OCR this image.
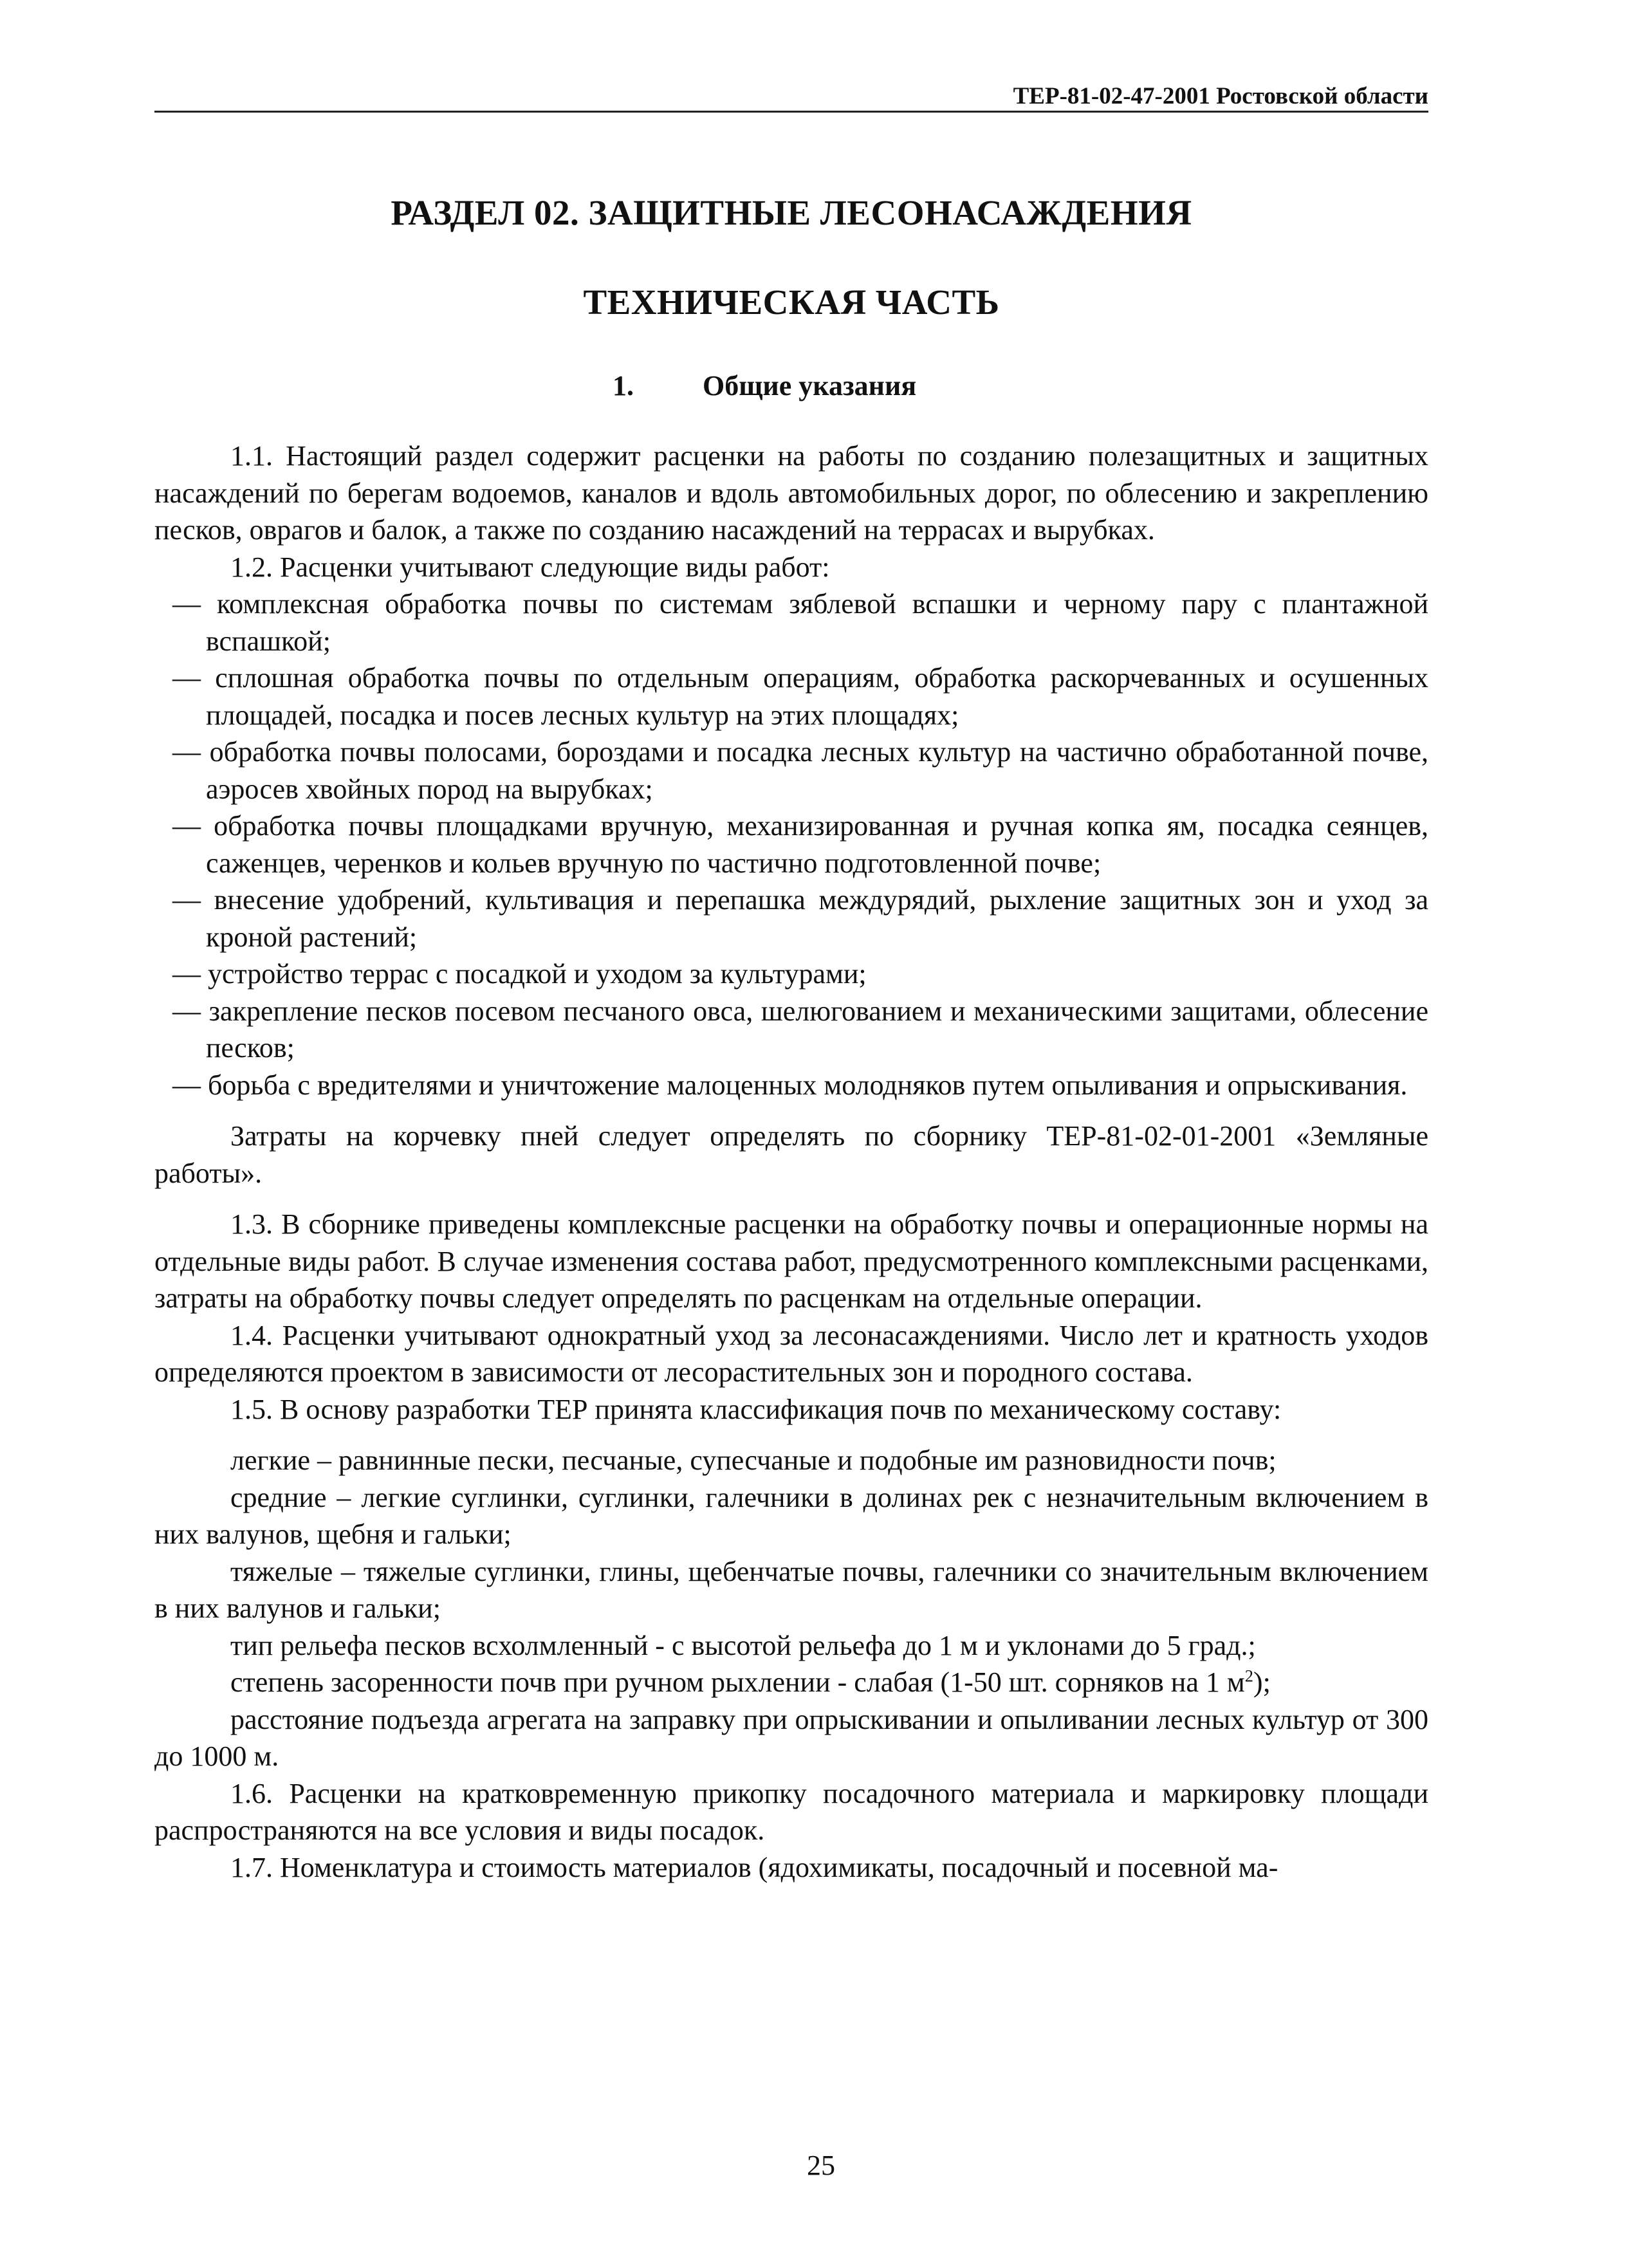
ТЕР-81-02-47-2001 Ростовской области
РАЗДЕЛ 02. ЗАЩИТНЫЕ ЛЕСОНАСАЖДЕНИЯ
ТЕХНИЧЕСКАЯ ЧАСТЬ
1. Общие указания

1.1. Настоящий раздел содержит расценки на работы по созданию полезащитных и защитных насаждений по берегам водоемов, каналов и вдоль автомобильных дорог, по облесению и закреплению песков, оврагов и балок, а также по созданию насаждений на террасах и вырубках.

1.2. Расценки учитывают следующие виды работ:

— комплексная обработка почвы по системам зяблевой вспашки и черному пару с плантажной вспашкой;

— сплошная обработка почвы по отдельным операциям, обработка раскорчеванных и осушенных площадей, посадка и посев лесных культур на этих площадях;

— обработка почвы полосами, бороздами и посадка лесных культур на частично обработанной почве, аэросев хвойных пород на вырубках;

— обработка почвы площадками вручную, механизированная и ручная копка ям, посадка сеянцев, саженцев, черенков и кольев вручную по частично подготовленной почве;

— внесение удобрений, культивация и перепашка междурядий, рыхление защитных зон и уход за кроной растений;

— устройство террас с посадкой и уходом за культурами;

— закрепление песков посевом песчаного овса, шелюгованием и механическими защитами, облесение песков;

— борьба с вредителями и уничтожение малоценных молодняков путем опыливания и опрыскивания.

Затраты на корчевку пней следует определять по сборнику ТЕР-81-02-01-2001 «Земляные работы».

1.3. В сборнике приведены комплексные расценки на обработку почвы и операционные нормы на отдельные виды работ. В случае изменения состава работ, предусмотренного комплексными расценками, затраты на обработку почвы следует определять по расценкам на отдельные операции.

1.4. Расценки учитывают однократный уход за лесонасаждениями. Число лет и кратность уходов определяются проектом в зависимости от лесорастительных зон и породного состава.

1.5. В основу разработки ТЕР принята классификация почв по механическому составу:

легкие – равнинные пески, песчаные, супесчаные и подобные им разновидности почв;

средние – легкие суглинки, суглинки, галечники в долинах рек с незначительным включением в них валунов, щебня и гальки;

тяжелые – тяжелые суглинки, глины, щебенчатые почвы, галечники со значительным включением в них валунов и гальки;

тип рельефа песков всхолмленный - с высотой рельефа до 1 м и уклонами до 5 град.;

степень засоренности почв при ручном рыхлении - слабая (1-50 шт. сорняков на 1 $м^2$);

расстояние подъезда агрегата на заправку при опрыскивании и опыливании лесных культур от 300 до 1000 м.

1.6. Расценки на кратковременную прикопку посадочного материала и маркировку площади распространяются на все условия и виды посадок.

1.7. Номенклатура и стоимость материалов (ядохимикаты, посадочный и посевной ма-

25
